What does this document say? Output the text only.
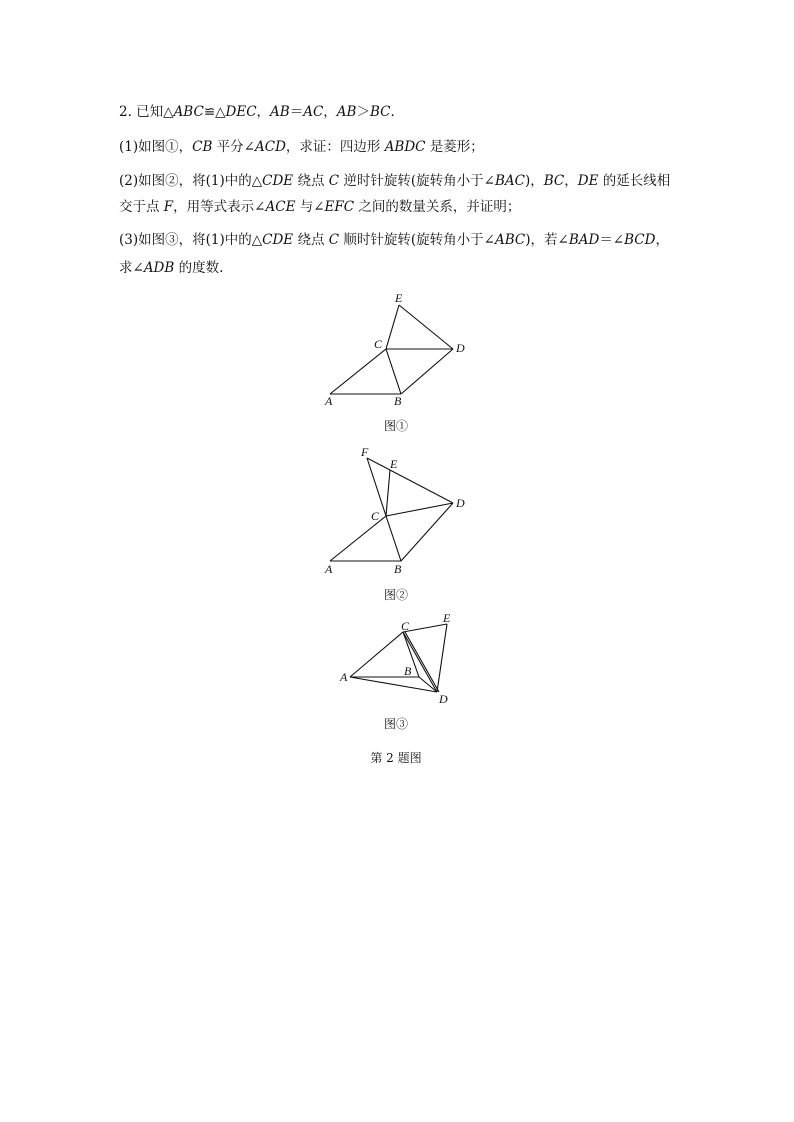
2. 已知△ABC≌△DEC，AB＝AC，AB＞BC.
(1)如图①，CB 平分∠ACD，求证：四边形 ABDC 是菱形；
(2)如图②，将(1)中的△CDE 绕点 C 逆时针旋转(旋转角小于∠BAC)，BC，DE 的延长线相
交于点 F，用等式表示∠ACE 与∠EFC 之间的数量关系，并证明；
(3)如图③，将(1)中的△CDE 绕点 C 顺时针旋转(旋转角小于∠ABC)，若∠BAD＝∠BCD，
求∠ADB 的度数.
E
C	D
A	B
图①
F
E
C
D
A	B
图②
C
E
B
A
D
图③
第 2 题图
